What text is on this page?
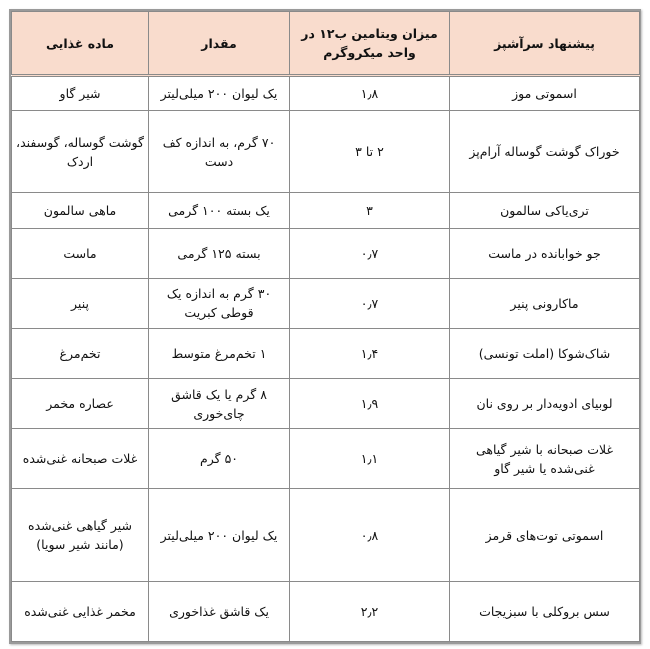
پیشنهاد سرآشپز	میزان ویتامین ب۱۲ در واحد میکروگرم	مقدار	ماده غذایی
اسموتی موز	۱٫۸	یک لیوان ۲۰۰ میلی‌لیتر	شیر گاو
خوراک گوشت گوساله آرام‌پز	۲ تا ۳	۷۰ گرم، به اندازه کف دست	گوشت گوساله، گوسفند، اردک
تری‌یاکی سالمون	۳	یک بسته ۱۰۰ گرمی	ماهی سالمون
جو خوابانده در ماست	۰٫۷	بسته ۱۲۵ گرمی	ماست
ماکارونی پنیر	۰٫۷	۳۰ گرم به اندازه یک قوطی کبریت	پنیر
شاک‌شوکا (املت تونسی)	۱٫۴	۱ تخم‌مرغ متوسط	تخم‌مرغ
لوبیای ادویه‌دار بر روی نان	۱٫۹	۸ گرم یا یک قاشق چای‌خوری	عصاره مخمر
غلات صبحانه با شیر گیاهی غنی‌شده یا شیر گاو	۱٫۱	۵۰ گرم	غلات صبحانه غنی‌شده
اسموتی توت‌های قرمز	۰٫۸	یک لیوان ۲۰۰ میلی‌لیتر	شیر گیاهی غنی‌شده (مانند شیر سویا)
سس بروکلی با سبزیجات	۲٫۲	یک قاشق غذاخوری	مخمر غذایی غنی‌شده
